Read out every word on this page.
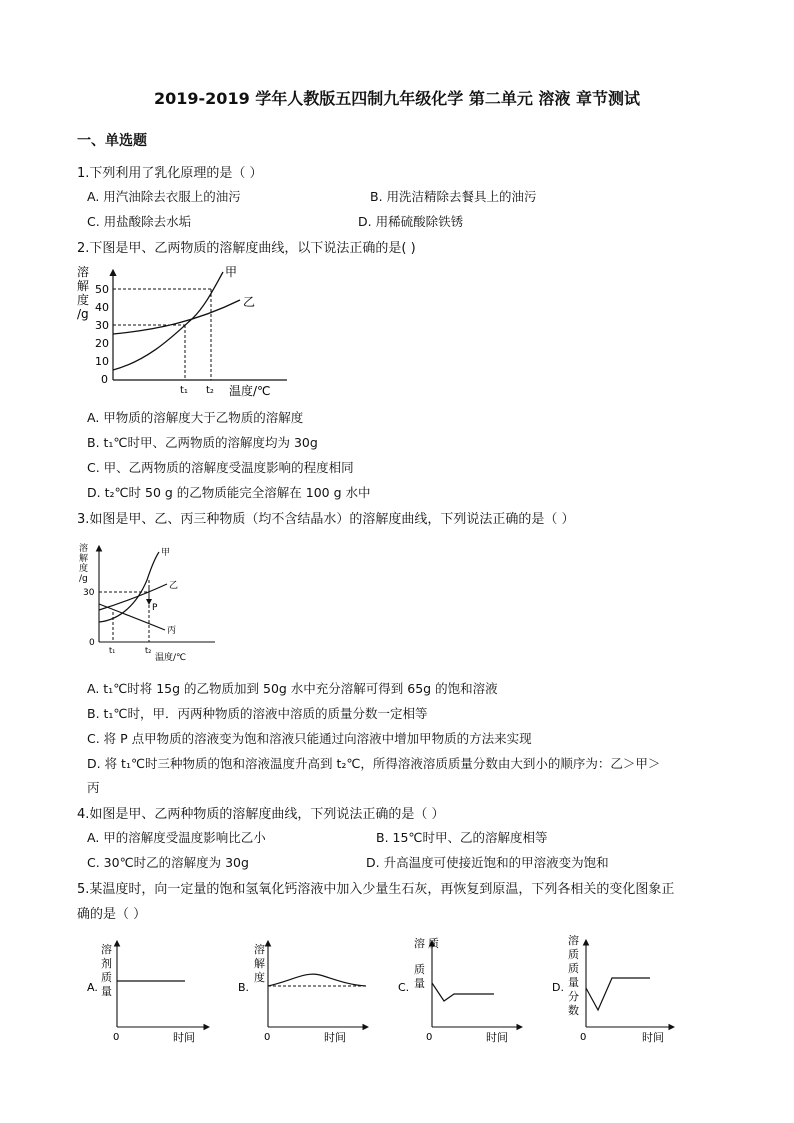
2019-2019 学年人教版五四制九年级化学 第二单元 溶液 章节测试
一、单选题
1.下列利用了乳化原理的是（ ）
A. 用汽油除去衣服上的油污	B. 用洗洁精除去餐具上的油污
C. 用盐酸除去水垢	D. 用稀硫酸除铁锈
2.下图是甲、乙两物质的溶解度曲线，以下说法正确的是( )
溶
解
度
/g
50
40
30
20
10
0
甲
乙
t₁ t₂ 温度/℃
A. 甲物质的溶解度大于乙物质的溶解度
B. t₁℃时甲、乙两物质的溶解度均为 30g
C. 甲、乙两物质的溶解度受温度影响的程度相同
D. t₂℃时 50 g 的乙物质能完全溶解在 100 g 水中
3.如图是甲、乙、丙三种物质（均不含结晶水）的溶解度曲线，下列说法正确的是（ ）
溶
解
度
/g
30
0
甲
乙
丙
P
t₁	t₂
温度/℃
A. t₁℃时将 15g 的乙物质加到 50g 水中充分溶解可得到 65g 的饱和溶液
B. t₁℃时，甲．丙两种物质的溶液中溶质的质量分数一定相等
C. 将 P 点甲物质的溶液变为饱和溶液只能通过向溶液中增加甲物质的方法来实现
D. 将 t₁℃时三种物质的饱和溶液温度升高到 t₂℃，所得溶液溶质质量分数由大到小的顺序为：乙＞甲＞
丙
4.如图是甲、乙两种物质的溶解度曲线，下列说法正确的是（ ）
A. 甲的溶解度受温度影响比乙小	B. 15℃时甲、乙的溶解度相等
C. 30℃时乙的溶解度为 30g	D. 升高温度可使接近饱和的甲溶液变为饱和
5.某温度时，向一定量的饱和氢氧化钙溶液中加入少量生石灰，再恢复到原温，下列各相关的变化图象正
确的是（ ）
A.
溶
剂
质
量
0	时间
B.
溶
解
度
0	时间
C.
溶 质
质
量
0	时间
D.
溶
质
质
量
分
数
0	时间
